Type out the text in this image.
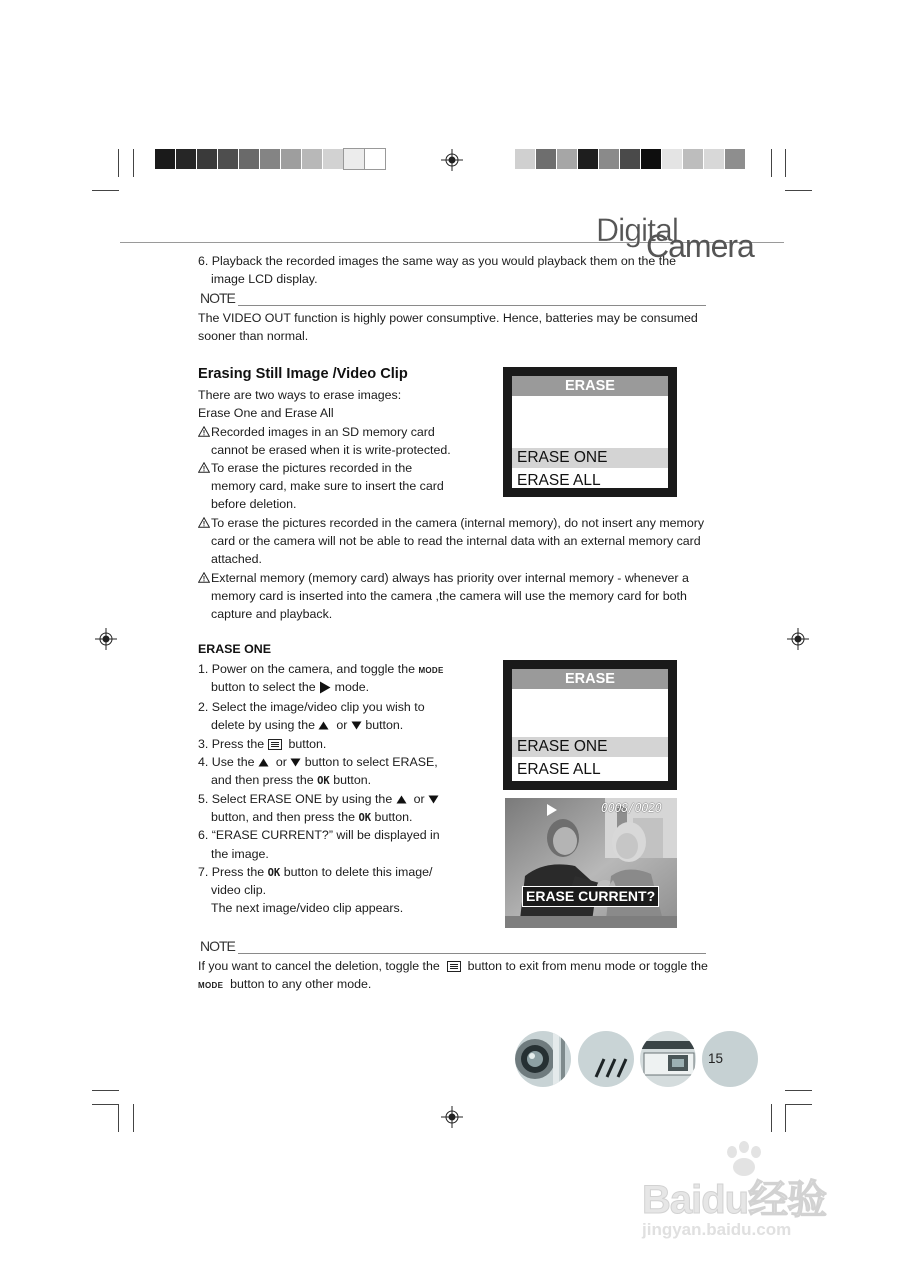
Digital
Camera
6. Playback the recorded images the same way as you would playback them on the the
image LCD display.
NOTE
The VIDEO OUT function is highly power consumptive. Hence, batteries may be consumed
sooner than normal.
Erasing Still Image /Video Clip
There are two ways to erase images:
Erase One and Erase All
Recorded images in an SD memory card
cannot be erased when it is write-protected.
To erase the pictures recorded in the
memory card, make sure to insert the card
before deletion.
To erase the pictures recorded in the camera (internal memory), do not insert any memory
card or the camera will not be able to read the internal data with an external memory card
attached.
External memory (memory card) always has priority over internal memory - whenever a
memory card is inserted into the camera ,the camera will use the memory card for both
capture and playback.
ERASE
ERASE ONE
ERASE ALL
ERASE ONE
1. Power on the camera, and toggle the MODE
button to select the mode.
2. Select the image/video clip you wish to
delete by using the or button.
3. Press the button.
4. Use the or button to select ERASE,
and then press the OK button.
5. Select ERASE ONE by using the or
button, and then press the OK button.
6. “ERASE CURRENT?” will be displayed in
the image.
7. Press the OK button to delete this image/
video clip.
The next image/video clip appears.
ERASE
ERASE ONE
ERASE ALL
0008/0020
ERASE CURRENT?
NOTE
If you want to cancel the deletion, toggle the button to exit from menu mode or toggle the
MODE button to any other mode.
15
Baidu经验
jingyan.baidu.com
